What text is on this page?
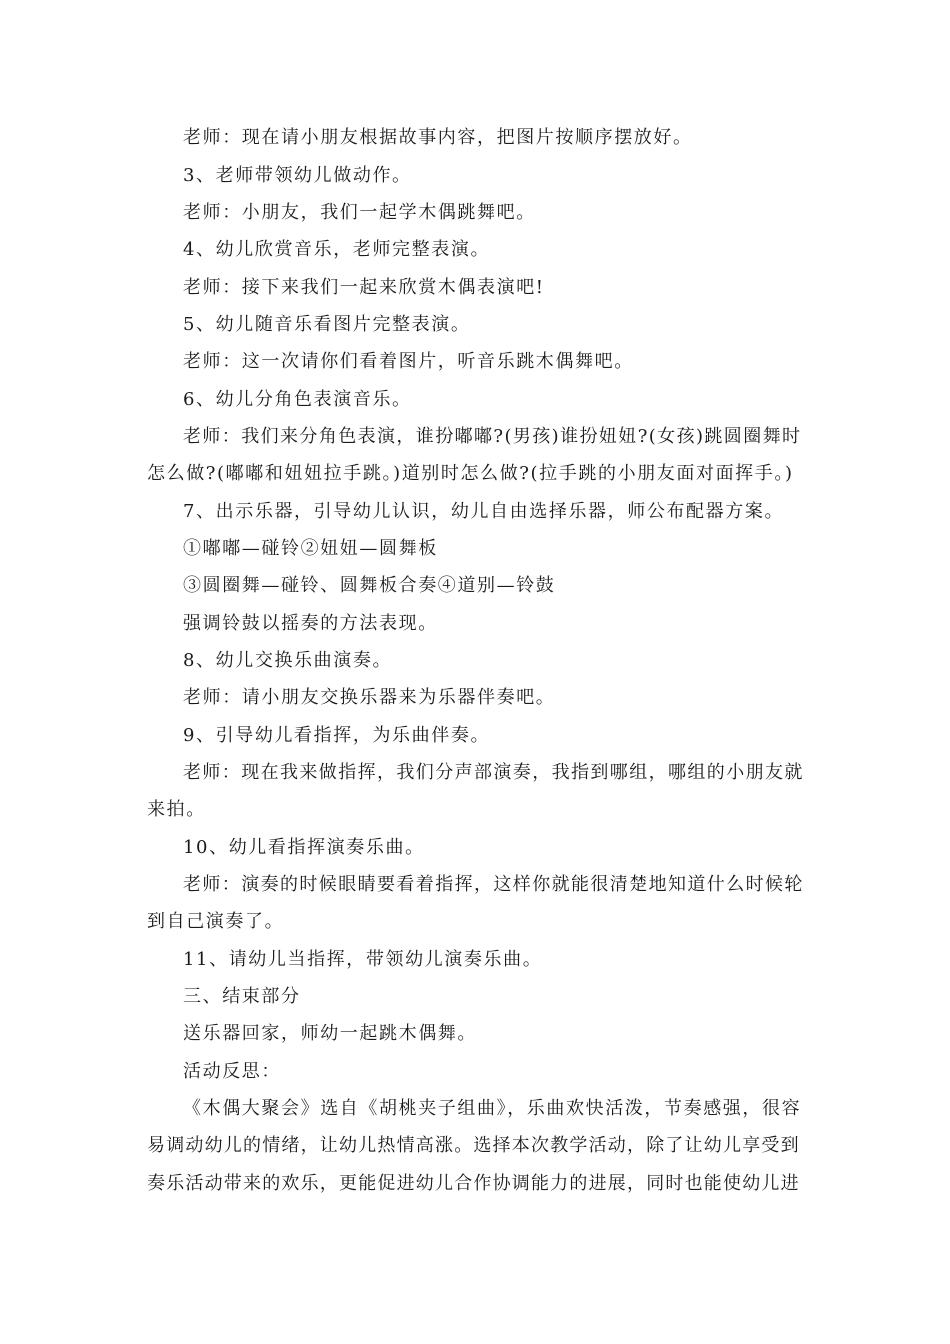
老师：现在请小朋友根据故事内容，把图片按顺序摆放好。
3、老师带领幼儿做动作。
老师：小朋友，我们一起学木偶跳舞吧。
4、幼儿欣赏音乐，老师完整表演。
老师：接下来我们一起来欣赏木偶表演吧!
5、幼儿随音乐看图片完整表演。
老师：这一次请你们看着图片，听音乐跳木偶舞吧。
6、幼儿分角色表演音乐。
老师：我们来分角色表演，谁扮嘟嘟?(男孩)谁扮妞妞?(女孩)跳圆圈舞时
怎么做?(嘟嘟和妞妞拉手跳。)道别时怎么做?(拉手跳的小朋友面对面挥手。)
7、出示乐器，引导幼儿认识，幼儿自由选择乐器，师公布配器方案。
①嘟嘟—碰铃②妞妞—圆舞板
③圆圈舞—碰铃、圆舞板合奏④道别—铃鼓
强调铃鼓以摇奏的方法表现。
8、幼儿交换乐曲演奏。
老师：请小朋友交换乐器来为乐器伴奏吧。
9、引导幼儿看指挥，为乐曲伴奏。
老师：现在我来做指挥，我们分声部演奏，我指到哪组，哪组的小朋友就
来拍。
10、幼儿看指挥演奏乐曲。
老师：演奏的时候眼睛要看着指挥，这样你就能很清楚地知道什么时候轮
到自己演奏了。
11、请幼儿当指挥，带领幼儿演奏乐曲。
三、结束部分
送乐器回家，师幼一起跳木偶舞。
活动反思：
《木偶大聚会》选自《胡桃夹子组曲》，乐曲欢快活泼，节奏感强，很容
易调动幼儿的情绪，让幼儿热情高涨。选择本次教学活动，除了让幼儿享受到
奏乐活动带来的欢乐，更能促进幼儿合作协调能力的进展，同时也能使幼儿进
